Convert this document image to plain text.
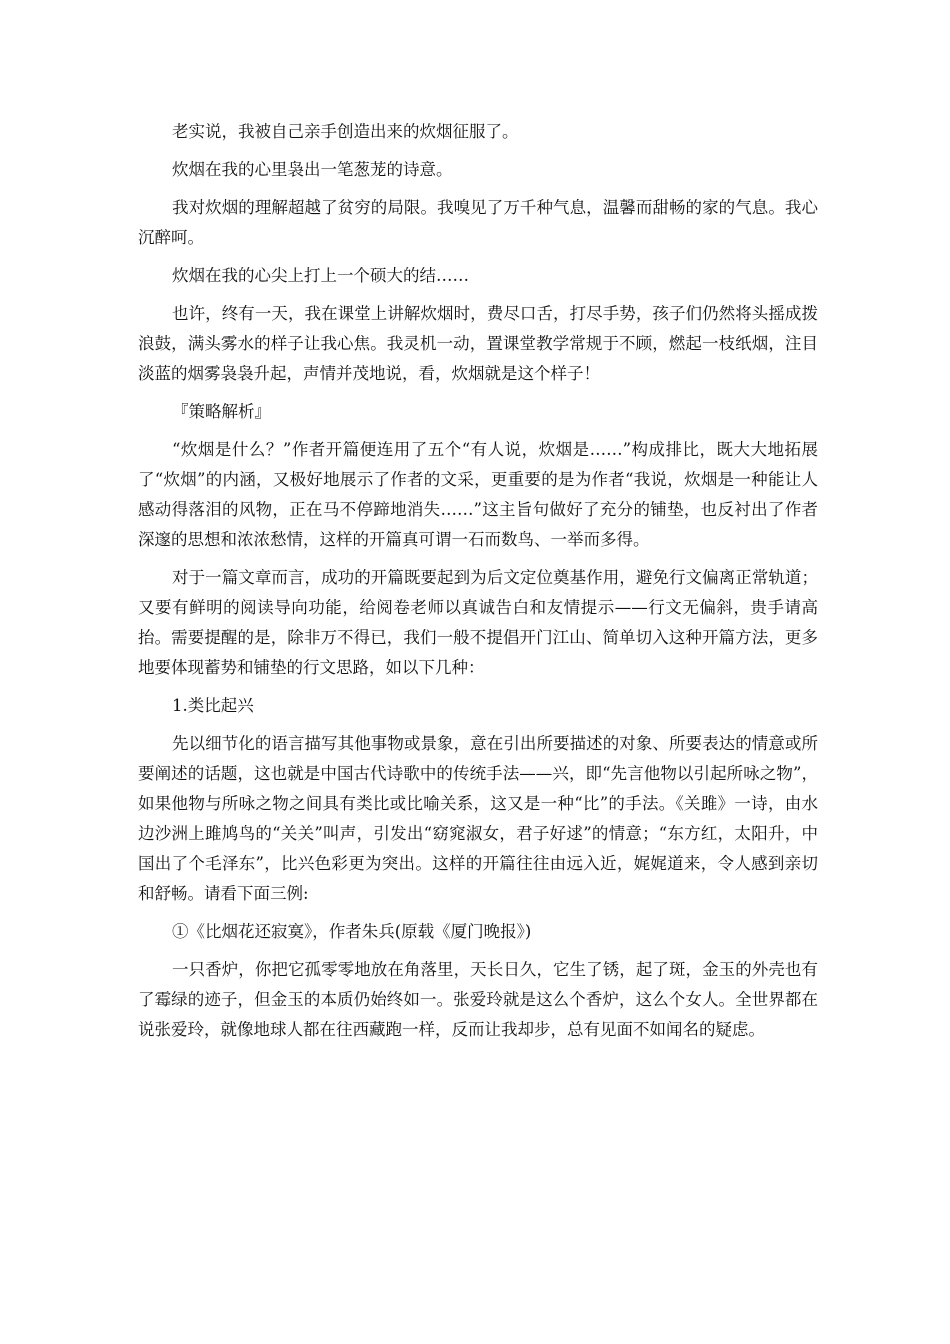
老实说，我被自己亲手创造出来的炊烟征服了。

炊烟在我的心里袅出一笔葱茏的诗意。

我对炊烟的理解超越了贫穷的局限。我嗅见了万千种气息，温馨而甜畅的家的气息。我心沉醉呵。

炊烟在我的心尖上打上一个硕大的结……

也许，终有一天，我在课堂上讲解炊烟时，费尽口舌，打尽手势，孩子们仍然将头摇成拨浪鼓，满头雾水的样子让我心焦。我灵机一动，置课堂教学常规于不顾，燃起一枝纸烟，注目淡蓝的烟雾袅袅升起，声情并茂地说，看，炊烟就是这个样子！

『策略解析』

“炊烟是什么？”作者开篇便连用了五个“有人说，炊烟是……”构成排比，既大大地拓展了“炊烟”的内涵，又极好地展示了作者的文采，更重要的是为作者“我说，炊烟是一种能让人感动得落泪的风物，正在马不停蹄地消失……”这主旨句做好了充分的铺垫，也反衬出了作者深邃的思想和浓浓愁情，这样的开篇真可谓一石而数鸟、一举而多得。

对于一篇文章而言，成功的开篇既要起到为后文定位奠基作用，避免行文偏离正常轨道；又要有鲜明的阅读导向功能，给阅卷老师以真诚告白和友情提示——行文无偏斜，贵手请高抬。需要提醒的是，除非万不得已，我们一般不提倡开门江山、简单切入这种开篇方法，更多地要体现蓄势和铺垫的行文思路，如以下几种：

1.类比起兴

先以细节化的语言描写其他事物或景象，意在引出所要描述的对象、所要表达的情意或所要阐述的话题，这也就是中国古代诗歌中的传统手法——兴，即“先言他物以引起所咏之物”，如果他物与所咏之物之间具有类比或比喻关系，这又是一种“比”的手法。《关雎》一诗，由水边沙洲上雎鸠鸟的“关关”叫声，引发出“窈窕淑女，君子好逑”的情意；“东方红，太阳升，中国出了个毛泽东”，比兴色彩更为突出。这样的开篇往往由远入近，娓娓道来，令人感到亲切和舒畅。请看下面三例:

①《比烟花还寂寞》，作者朱兵(原载《厦门晚报》)

一只香炉，你把它孤零零地放在角落里，天长日久，它生了锈，起了斑，金玉的外壳也有了霉绿的迹子，但金玉的本质仍始终如一。张爱玲就是这么个香炉，这么个女人。全世界都在说张爱玲，就像地球人都在往西藏跑一样，反而让我却步，总有见面不如闻名的疑虑。
